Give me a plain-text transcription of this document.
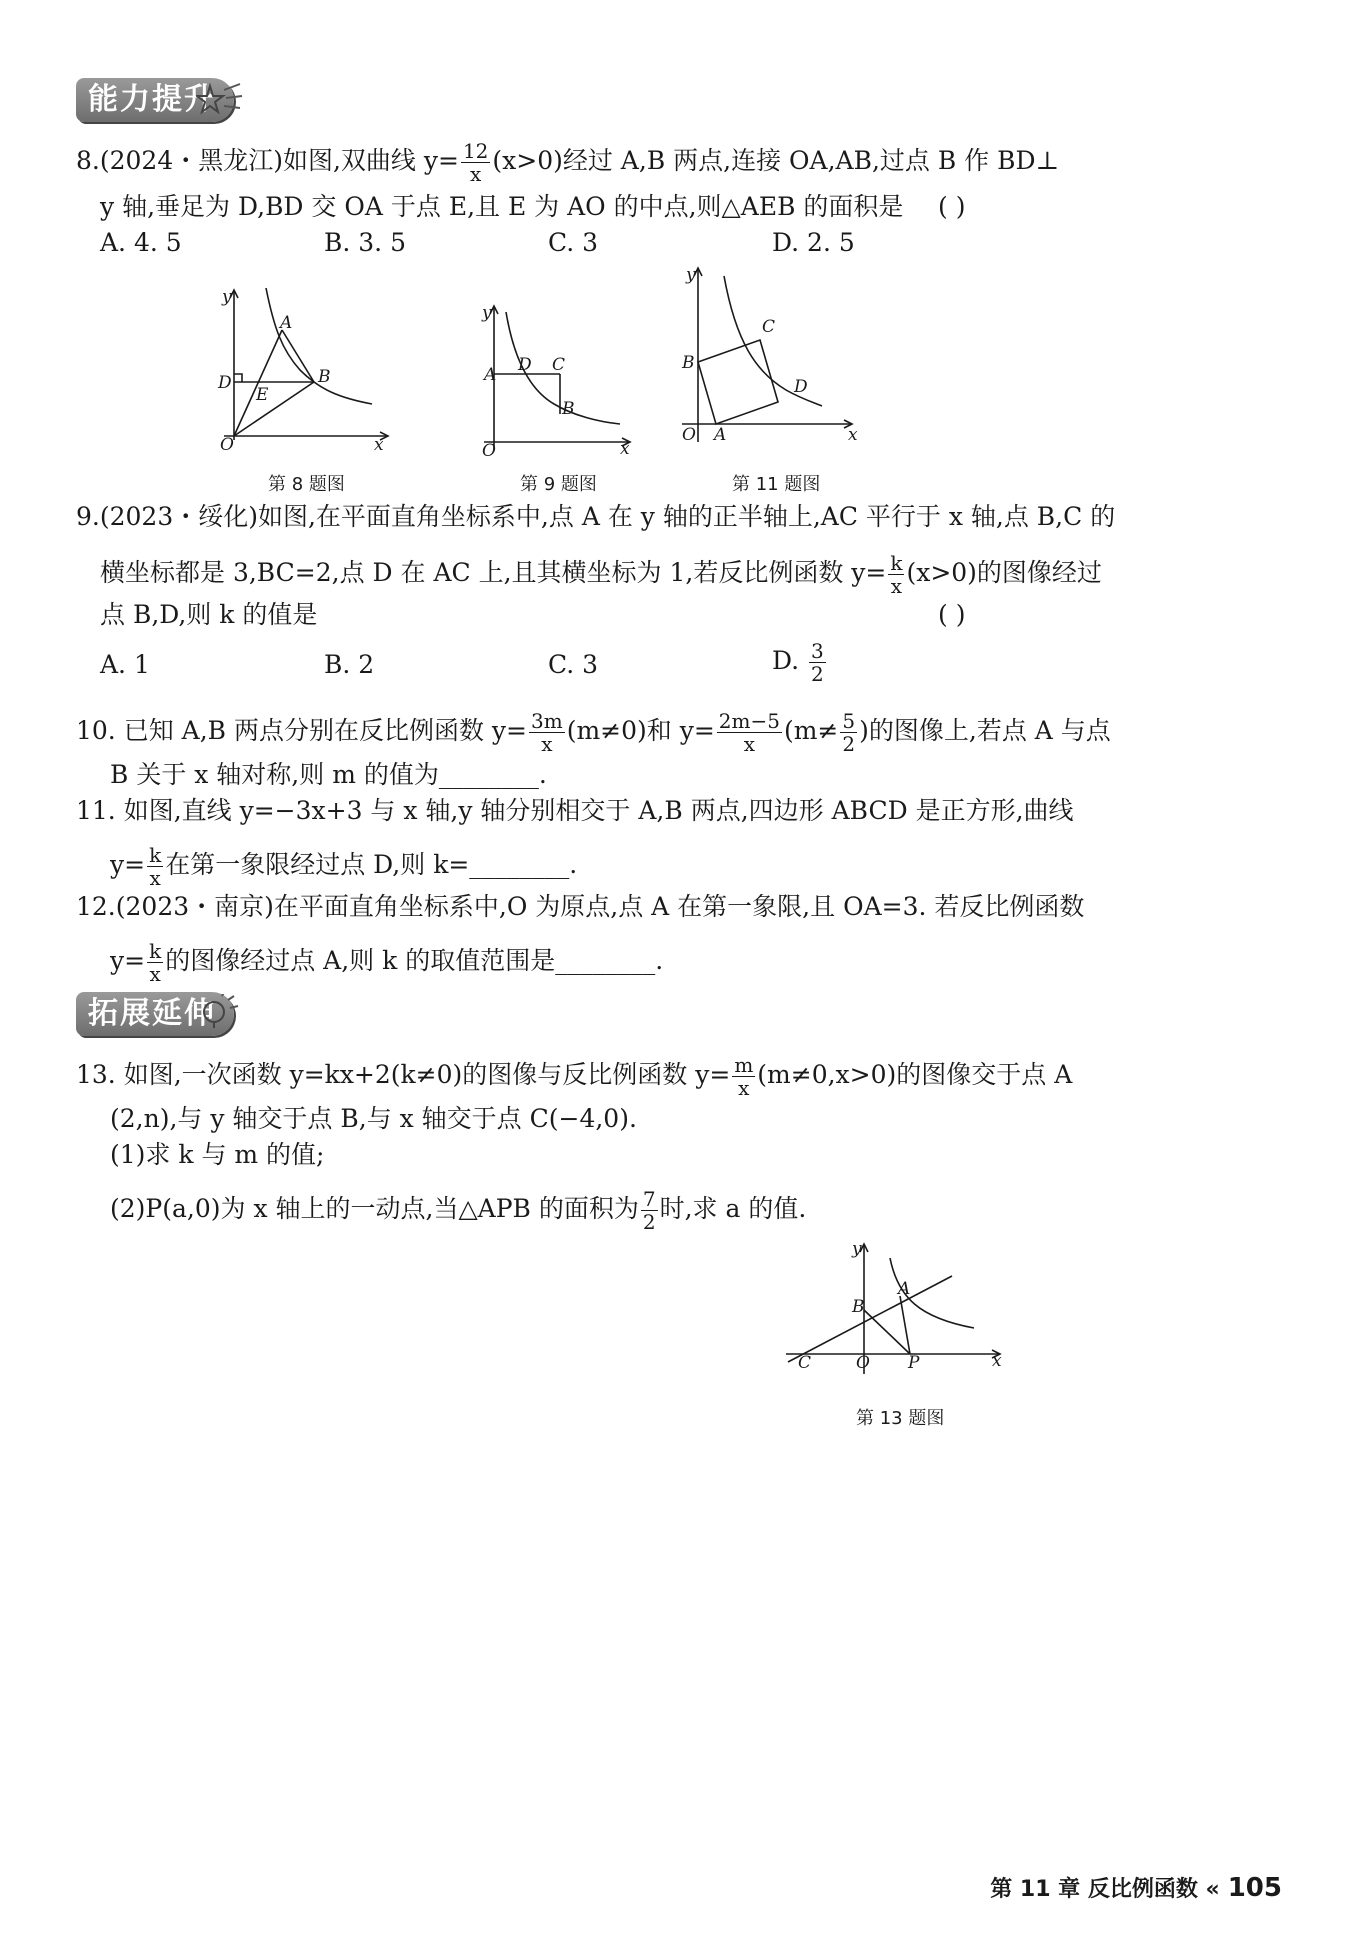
能力提升
8.(2024・黑龙江)如图,双曲线 $y= \frac{12}{x} (x>0)$经过 A,B 两点,连接 OA,AB,过点 B 作 BD⊥
y 轴,垂足为 D,BD 交 OA 于点 E,且 E 为 AO 的中点,则△AEB 的面积是 ( )
A. 4. 5	B. 3. 5	C. 3	D. 2. 5
y
x
O
A
B
D
E
第 8 题图
y
x
O
A D C
B
第 9 题图
y
x
O A
B
C
D
第 11 题图
9.(2023・绥化)如图,在平面直角坐标系中,点 A 在 y 轴的正半轴上,AC 平行于 x 轴,点 B,C 的
横坐标都是 3,BC=2,点 D 在 AC 上,且其横坐标为 1,若反比例函数 $y= \frac{k}{x} (x>0)$的图像经过
点 B,D,则 k 的值是	( )
A. 1	B. 2	C. 3	D. $\frac{3}{2}$
10. 已知 A,B 两点分别在反比例函数 $y= \frac{3m}{x} (m\ne 0)$和 $y= \frac{2m-5}{x} (m\ne \frac{5}{2}$ )的图像上,若点 A 与点
B 关于 x 轴对称,则 m 的值为________.
11. 如图,直线 y=−3x+3 与 x 轴,y 轴分别相交于 A,B 两点,四边形 ABCD 是正方形,曲线
$y= \frac{k}{x}$ 在第一象限经过点 D,则 k=________.
12.(2023・南京)在平面直角坐标系中,O 为原点,点 A 在第一象限,且 OA=3. 若反比例函数
$y= \frac{k}{x}$ 的图像经过点 A,则 k 的取值范围是________.
拓展延伸
13. 如图,一次函数 y=kx+2(k≠0)的图像与反比例函数 $y= \frac{m}{x} (m\ne 0,x>0)$的图像交于点 A
(2,n),与 y 轴交于点 B,与 x 轴交于点 C(−4,0).
(1)求 k 与 m 的值;
(2)P(a,0)为 x 轴上的一动点,当△APB 的面积为 $\frac{7}{2}$ 时,求 a 的值.
y
x
O
C
B
A
P
第 13 题图
第 11 章 反比例函数 « 105
